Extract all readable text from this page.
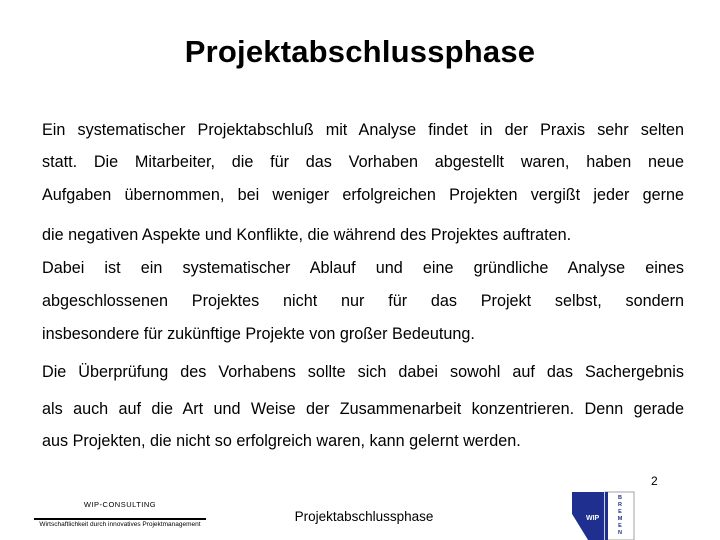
Projektabschlussphase
Ein systematischer Projektabschluß mit Analyse findet in der Praxis sehr selten
statt. Die Mitarbeiter, die für das Vorhaben abgestellt waren, haben neue
Aufgaben übernommen, bei weniger erfolgreichen Projekten vergißt jeder gerne
die negativen Aspekte und Konflikte, die während des Projektes auftraten.
Dabei ist ein systematischer Ablauf und eine gründliche Analyse eines
abgeschlossenen Projektes nicht nur für das Projekt selbst, sondern
insbesondere für zukünftige Projekte von großer Bedeutung.
Die Überprüfung des Vorhabens sollte sich dabei sowohl auf das Sachergebnis
als auch auf die Art und Weise der Zusammenarbeit konzentrieren. Denn gerade
aus Projekten, die nicht so erfolgreich waren, kann gelernt werden.
WIP-CONSULTING
Wirtschaftlichkeit durch innovatives Projektmanagement
Projektabschlussphase
2
WIP
B
R
E
M
E
N
